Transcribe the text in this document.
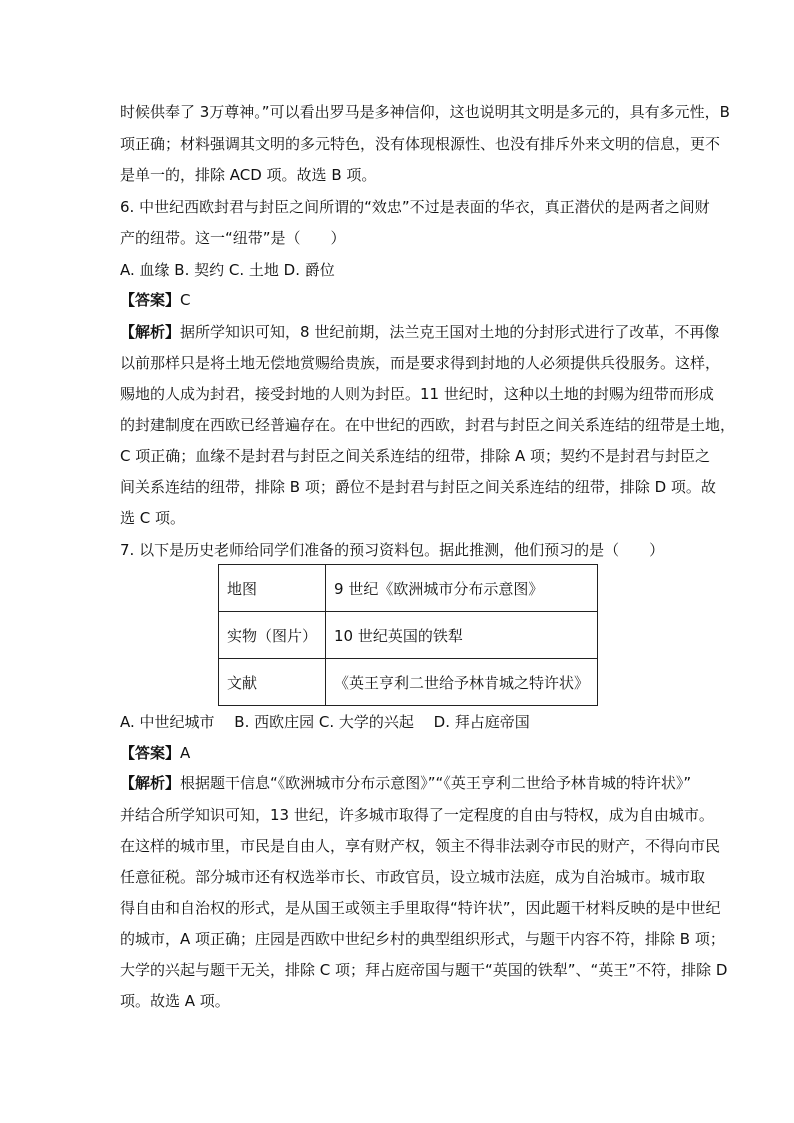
时候供奉了 3万尊神。”可以看出罗马是多神信仰，这也说明其文明是多元的，具有多元性，B
项正确；材料强调其文明的多元特色，没有体现根源性、也没有排斥外来文明的信息，更不
是单一的，排除 ACD 项。故选 B 项。
6. 中世纪西欧封君与封臣之间所谓的“效忠”不过是表面的华衣，真正潜伏的是两者之间财
产的纽带。这一“纽带”是（　　）
A. 血缘 B. 契约 C. 土地 D. 爵位
【答案】C
【解析】据所学知识可知，8 世纪前期，法兰克王国对土地的分封形式进行了改革，不再像
以前那样只是将土地无偿地赏赐给贵族，而是要求得到封地的人必须提供兵役服务。这样，
赐地的人成为封君，接受封地的人则为封臣。11 世纪时，这种以土地的封赐为纽带而形成
的封建制度在西欧已经普遍存在。在中世纪的西欧，封君与封臣之间关系连结的纽带是土地，
C 项正确；血缘不是封君与封臣之间关系连结的纽带，排除 A 项；契约不是封君与封臣之
间关系连结的纽带，排除 B 项；爵位不是封君与封臣之间关系连结的纽带，排除 D 项。故
选 C 项。
7. 以下是历史老师给同学们准备的预习资料包。据此推测，他们预习的是（　　）
地图	9 世纪《欧洲城市分布示意图》
实物（图片）	10 世纪英国的铁犁
文献	《英王亨利二世给予林肯城之特许状》
A. 中世纪城市　 B. 西欧庄园 C. 大学的兴起　 D. 拜占庭帝国
【答案】A
【解析】根据题干信息“《欧洲城市分布示意图》”“《英王亨利二世给予林肯城的特许状》”
并结合所学知识可知，13 世纪，许多城市取得了一定程度的自由与特权，成为自由城市。
在这样的城市里，市民是自由人，享有财产权，领主不得非法剥夺市民的财产，不得向市民
任意征税。部分城市还有权选举市长、市政官员，设立城市法庭，成为自治城市。城市取
得自由和自治权的形式，是从国王或领主手里取得“特许状”，因此题干材料反映的是中世纪
的城市，A 项正确；庄园是西欧中世纪乡村的典型组织形式，与题干内容不符，排除 B 项；
大学的兴起与题干无关，排除 C 项；拜占庭帝国与题干“英国的铁犁”、“英王”不符，排除 D
项。故选 A 项。
